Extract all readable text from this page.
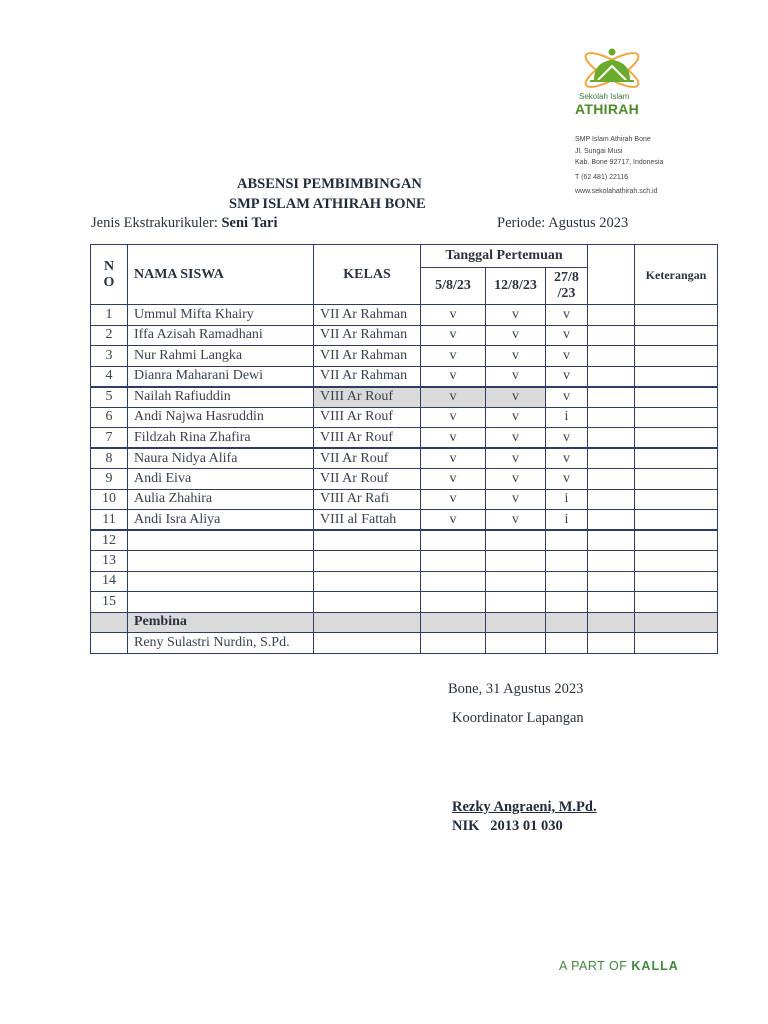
Sekolah Islam
ATHIRAH
SMP Islam Athirah Bone
Jl. Sungai Musi
Kab. Bone 92717, Indonesia
T (62 481) 22116
www.sekolahathirah.sch.id
ABSENSI PEMBIMBINGAN
SMP ISLAM ATHIRAH BONE
Jenis Ekstrakurikuler: Seni Tari	Periode: Agustus 2023
N
O	NAMA SISWA	KELAS	Tanggal Pertemuan				Keterangan
			5/8/23	12/8/23	27/8
/23		
1	Ummul Mifta Khairy	VII Ar Rahman	v	v	v		
2	Iffa Azisah Ramadhani	VII Ar Rahman	v	v	v		
3	Nur Rahmi Langka	VII Ar Rahman	v	v	v		
4	Dianra Maharani Dewi	VII Ar Rahman	v	v	v		
5	Nailah Rafiuddin	VIII Ar Rouf	v	v	v		
6	Andi Najwa Hasruddin	VIII Ar Rouf	v	v	i		
7	Fildzah Rina Zhafira	VIII Ar Rouf	v	v	v		
8	Naura Nidya Alifa	VII Ar Rouf	v	v	v		
9	Andi Eiva	VII Ar Rouf	v	v	v		
10	Aulia Zhahira	VIII Ar Rafi	v	v	i		
11	Andi Isra Aliya	VIII al Fattah	v	v	i		
12							
13							
14							
15							
	Pembina						
	Reny Sulastri Nurdin, S.Pd.						
Bone, 31 Agustus 2023
Koordinator Lapangan
Rezky Angraeni, M.Pd.
NIK   2013 01 030
A PART OF KALLA
